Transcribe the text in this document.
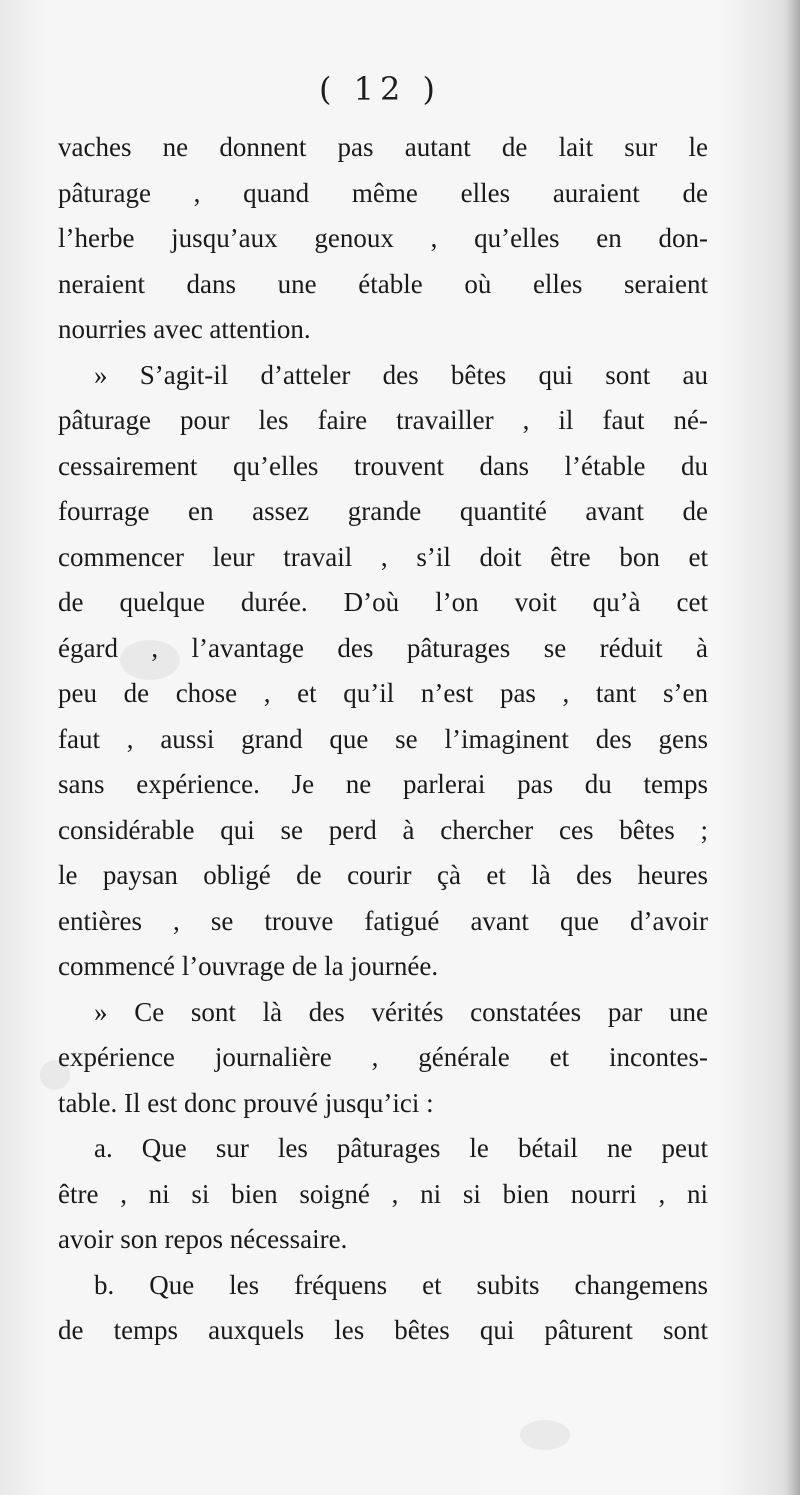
( 12 )
vaches ne donnent pas autant de lait sur le
pâturage , quand même elles auraient de
l’herbe jusqu’aux genoux , qu’elles en don-
neraient dans une étable où elles seraient
nourries avec attention.
» S’agit-il d’atteler des bêtes qui sont au
pâturage pour les faire travailler , il faut né-
cessairement qu’elles trouvent dans l’étable du
fourrage en assez grande quantité avant de
commencer leur travail , s’il doit être bon et
de quelque durée. D’où l’on voit qu’à cet
égard , l’avantage des pâturages se réduit à
peu de chose , et qu’il n’est pas , tant s’en
faut , aussi grand que se l’imaginent des gens
sans expérience. Je ne parlerai pas du temps
considérable qui se perd à chercher ces bêtes ;
le paysan obligé de courir çà et là des heures
entières , se trouve fatigué avant que d’avoir
commencé l’ouvrage de la journée.
» Ce sont là des vérités constatées par une
expérience journalière , générale et incontes-
table. Il est donc prouvé jusqu’ici :
a. Que sur les pâturages le bétail ne peut
être , ni si bien soigné , ni si bien nourri , ni
avoir son repos nécessaire.
b. Que les fréquens et subits changemens
de temps auxquels les bêtes qui pâturent sont
